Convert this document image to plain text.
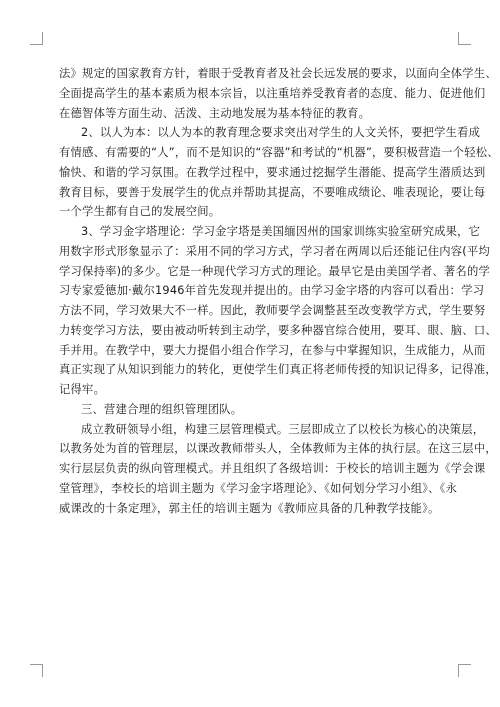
法》规定的国家教育方针，着眼于受教育者及社会长远发展的要求，以面向全体学生、
全面提高学生的基本素质为根本宗旨，以注重培养受教育者的态度、能力、促进他们
在德智体等方面生动、活泼、主动地发展为基本特征的教育。
2、以人为本：以人为本的教育理念要求突出对学生的人文关怀，要把学生看成
有情感、有需要的“人”，而不是知识的“容器”和考试的“机器”，要积极营造一个轻松、
愉快、和谐的学习氛围。在教学过程中，要求通过挖掘学生潜能、提高学生潜质达到
教育目标，要善于发展学生的优点并帮助其提高，不要唯成绩论、唯表现论，要让每
一个学生都有自己的发展空间。
3、学习金字塔理论：学习金字塔是美国缅因州的国家训练实验室研究成果，它
用数字形式形象显示了：采用不同的学习方式，学习者在两周以后还能记住内容(平均
学习保持率)的多少。它是一种现代学习方式的理论。最早它是由美国学者、著名的学
习专家爱德加·戴尔1946年首先发现并提出的。由学习金字塔的内容可以看出：学习
方法不同，学习效果大不一样。因此，教师要学会调整甚至改变教学方式，学生要努
力转变学习方法，要由被动听转到主动学，要多种器官综合使用，要耳、眼、脑、口、
手并用。在教学中，要大力提倡小组合作学习，在参与中掌握知识，生成能力，从而
真正实现了从知识到能力的转化，更使学生们真正将老师传授的知识记得多，记得准，
记得牢。
三、营建合理的组织管理团队。
成立教研领导小组，构建三层管理模式。三层即成立了以校长为核心的决策层，
以教务处为首的管理层，以课改教师带头人，全体教师为主体的执行层。在这三层中，
实行层层负责的纵向管理模式。并且组织了各级培训：于校长的培训主题为《学会课
堂管理》，李校长的培训主题为《学习金字塔理论》、《如何划分学习小组》、《永
威课改的十条定理》，郭主任的培训主题为《教师应具备的几种教学技能》。
